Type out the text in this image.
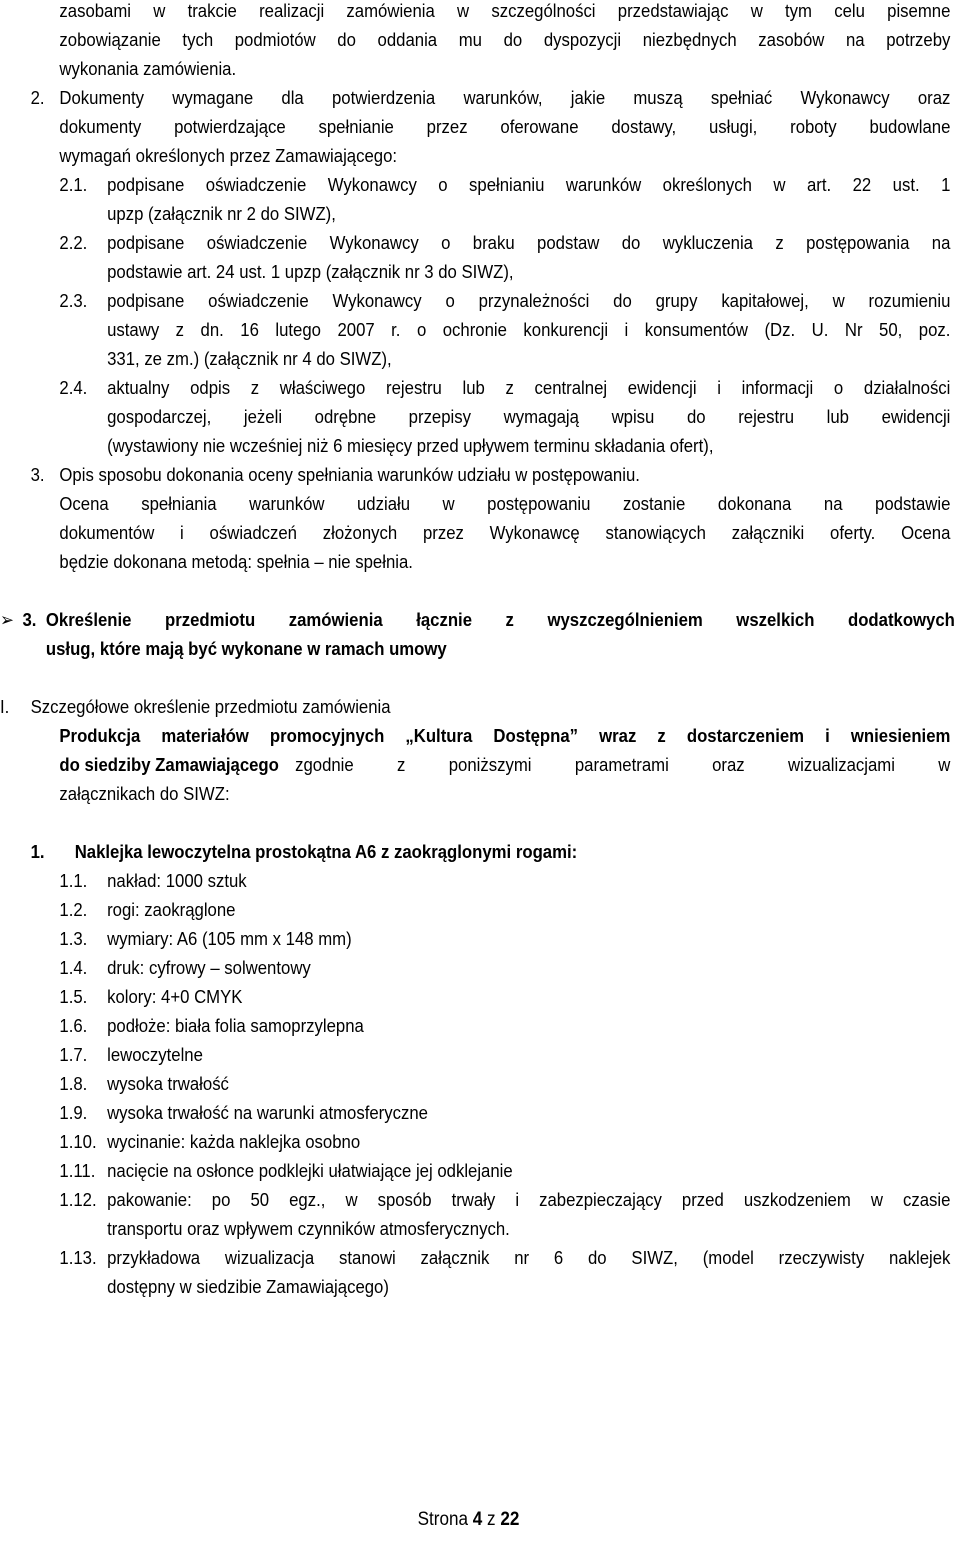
zasobami w trakcie realizacji zamówienia w szczególności przedstawiając w tym celu pisemne
zobowiązanie tych podmiotów do oddania mu do dyspozycji niezbędnych zasobów na potrzeby
wykonania zamówienia.
2. Dokumenty wymagane dla potwierdzenia warunków, jakie muszą spełniać Wykonawcy oraz
dokumenty potwierdzające spełnianie przez oferowane dostawy, usługi, roboty budowlane
wymagań określonych przez Zamawiającego:
2.1. podpisane oświadczenie Wykonawcy o spełnianiu warunków określonych w art. 22 ust. 1
upzp (załącznik nr 2 do SIWZ),
2.2. podpisane oświadczenie Wykonawcy o braku podstaw do wykluczenia z postępowania na
podstawie art. 24 ust. 1 upzp (załącznik nr 3 do SIWZ),
2.3. podpisane oświadczenie Wykonawcy o przynależności do grupy kapitałowej, w rozumieniu
ustawy z dn. 16 lutego 2007 r. o ochronie konkurencji i konsumentów (Dz. U. Nr 50, poz.
331, ze zm.) (załącznik nr 4 do SIWZ),
2.4. aktualny odpis z właściwego rejestru lub z centralnej ewidencji i informacji o działalności
gospodarczej, jeżeli odrębne przepisy wymagają wpisu do rejestru lub ewidencji
(wystawiony nie wcześniej niż 6 miesięcy przed upływem terminu składania ofert),
3. Opis sposobu dokonania oceny spełniania warunków udziału w postępowaniu.
Ocena spełniania warunków udziału w postępowaniu zostanie dokonana na podstawie
dokumentów i oświadczeń złożonych przez Wykonawcę stanowiących załączniki oferty. Ocena
będzie dokonana metodą: spełnia – nie spełnia.
➢ 3. Określenie przedmiotu zamówienia łącznie z wyszczególnieniem wszelkich dodatkowych
usług, które mają być wykonane w ramach umowy
I. Szczegółowe określenie przedmiotu zamówienia
Produkcja materiałów promocyjnych „Kultura Dostępna” wraz z dostarczeniem i wniesieniem
do siedziby Zamawiającego zgodnie z poniższymi parametrami oraz wizualizacjami w
załącznikach do SIWZ:
1. Naklejka lewoczytelna prostokątna A6 z zaokrąglonymi rogami:
1.1. nakład: 1000 sztuk
1.2. rogi: zaokrąglone
1.3. wymiary: A6 (105 mm x 148 mm)
1.4. druk: cyfrowy – solwentowy
1.5. kolory: 4+0 CMYK
1.6. podłoże: biała folia samoprzylepna
1.7. lewoczytelne
1.8. wysoka trwałość
1.9. wysoka trwałość na warunki atmosferyczne
1.10. wycinanie: każda naklejka osobno
1.11. nacięcie na osłonce podklejki ułatwiające jej odklejanie
1.12. pakowanie: po 50 egz., w sposób trwały i zabezpieczający przed uszkodzeniem w czasie
transportu oraz wpływem czynników atmosferycznych.
1.13. przykładowa wizualizacja stanowi załącznik nr 6 do SIWZ, (model rzeczywisty naklejek
dostępny w siedzibie Zamawiającego)
Strona 4 z 22
